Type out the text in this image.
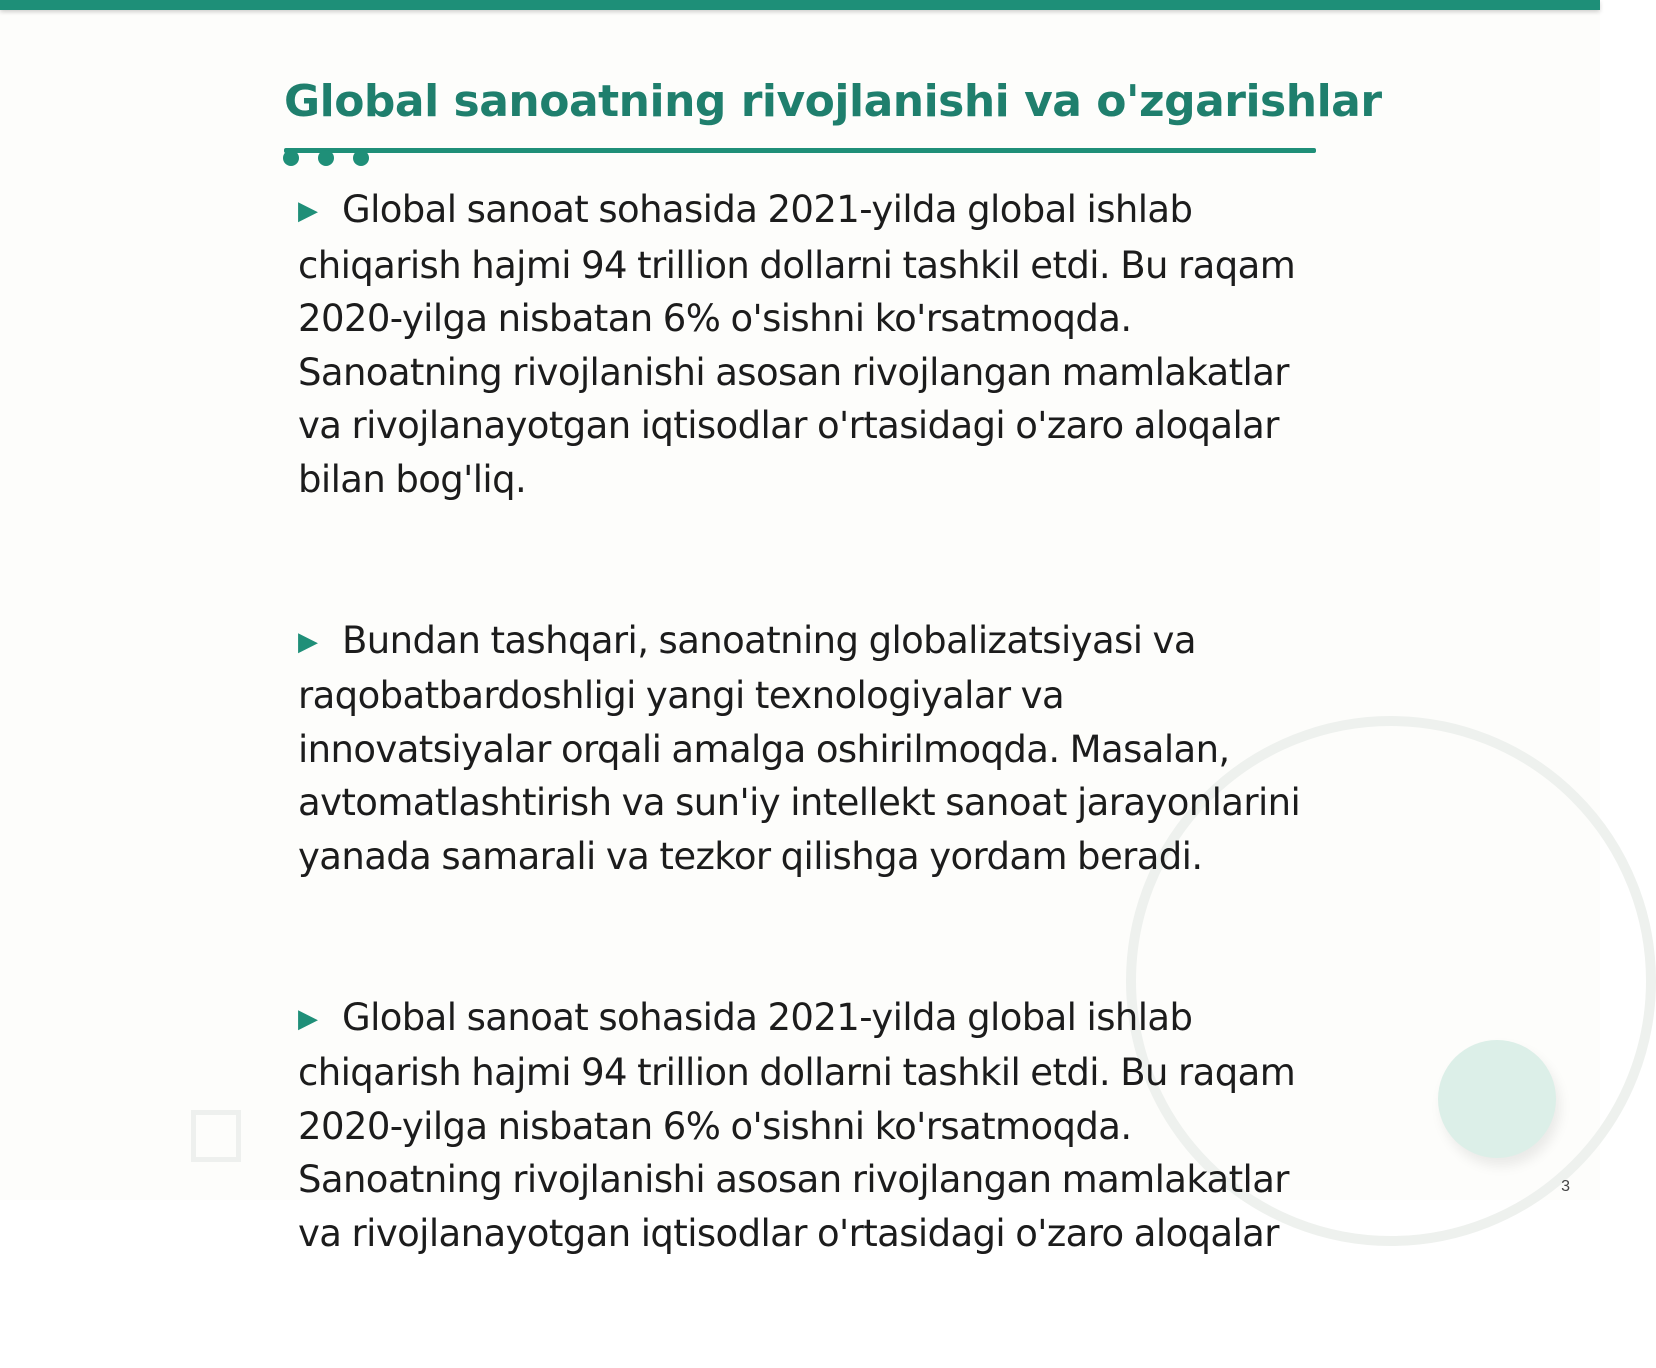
Global sanoatning rivojlanishi va o'zgarishlar

▶ Global sanoat sohasida 2021-yilda global ishlab chiqarish hajmi 94 trillion dollarni tashkil etdi. Bu raqam 2020-yilga nisbatan 6% o'sishni ko'rsatmoqda. Sanoatning rivojlanishi asosan rivojlangan mamlakatlar va rivojlanayotgan iqtisodlar o'rtasidagi o'zaro aloqalar bilan bog'liq.

▶ Bundan tashqari, sanoatning globalizatsiyasi va raqobatbardoshligi yangi texnologiyalar va innovatsiyalar orqali amalga oshirilmoqda. Masalan, avtomatlashtirish va sun'iy intellekt sanoat jarayonlarini yanada samarali va tezkor qilishga yordam beradi.

▶ Global sanoat sohasida 2021-yilda global ishlab chiqarish hajmi 94 trillion dollarni tashkil etdi. Bu raqam 2020-yilga nisbatan 6% o'sishni ko'rsatmoqda. Sanoatning rivojlanishi asosan rivojlangan mamlakatlar va rivojlanayotgan iqtisodlar o'rtasidagi o'zaro aloqalar

3
